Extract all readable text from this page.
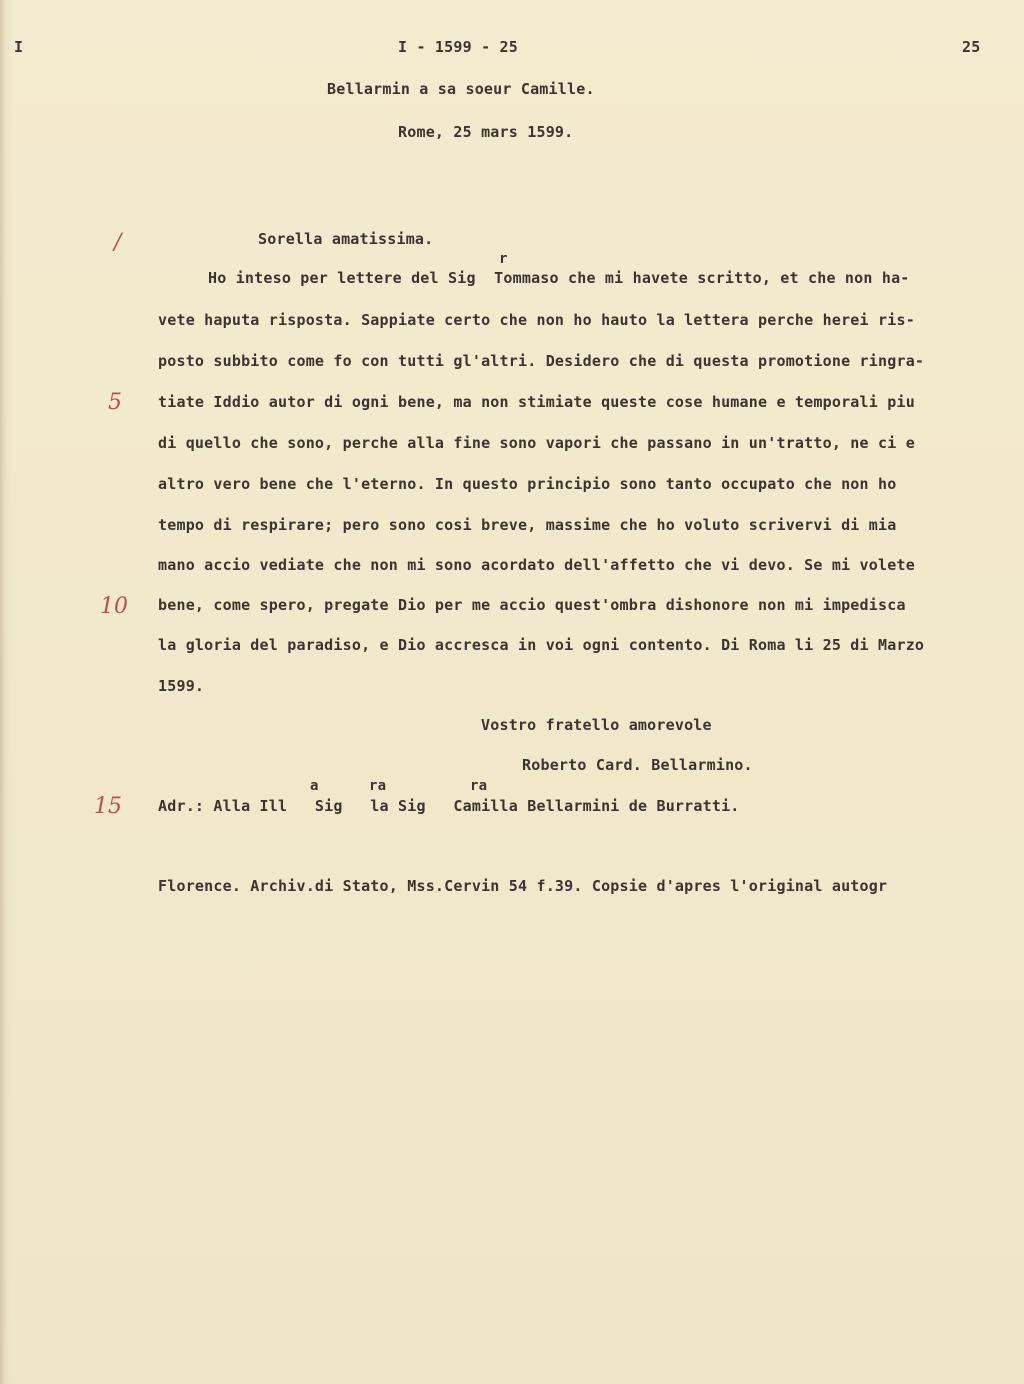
I	I - 1599 - 25	25
Bellarmin a sa soeur Camille.
Rome, 25 mars 1599.
/	Sorella amatissima.
r
Ho inteso per lettere del Sig  Tommaso che mi havete scritto, et che non ha-
vete haputa risposta. Sappiate certo che non ho hauto la lettera perche herei ris-
posto subbito come fo con tutti gl'altri. Desidero che di questa promotione ringra-
5 tiate Iddio autor di ogni bene, ma non stimiate queste cose humane e temporali piu
di quello che sono, perche alla fine sono vapori che passano in un'tratto, ne ci e
altro vero bene che l'eterno. In questo principio sono tanto occupato che non ho
tempo di respirare; pero sono cosi breve, massime che ho voluto scrivervi di mia
mano accio vediate che non mi sono acordato dell'affetto che vi devo. Se mi volete
10 bene, come spero, pregate Dio per me accio quest'ombra dishonore non mi impedisca
la gloria del paradiso, e Dio accresca in voi ogni contento. Di Roma li 25 di Marzo
1599.
Vostro fratello amorevole
Roberto Card. Bellarmino.
a	ra	ra
15 Adr.: Alla Ill   Sig   la Sig   Camilla Bellarmini de Burratti.
Florence. Archiv.di Stato, Mss.Cervin 54 f.39. Copsie d'apres l'original autogr
